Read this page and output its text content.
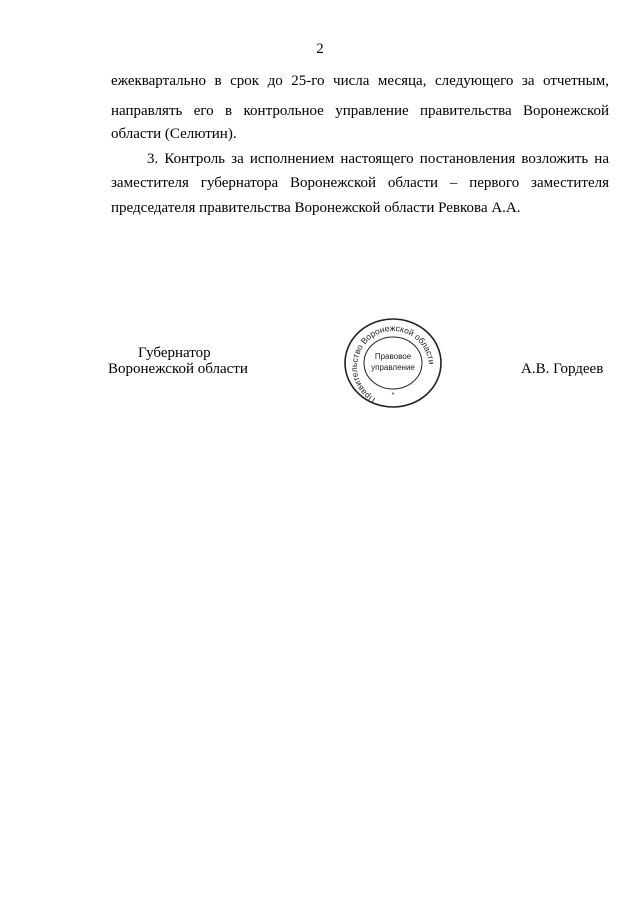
2
ежеквартально в срок до 25-го числа месяца, следующего за отчетным,
направлять его в контрольное управление правительства Воронежской
области (Селютин).
3. Контроль за исполнением настоящего постановления возложить на
заместителя губернатора Воронежской области – первого заместителя
председателя правительства Воронежской области Ревкова А.А.
Губернатор
Воронежской области
Правительство Воронежской области
Правовое
управление
*
А.В. Гордеев
